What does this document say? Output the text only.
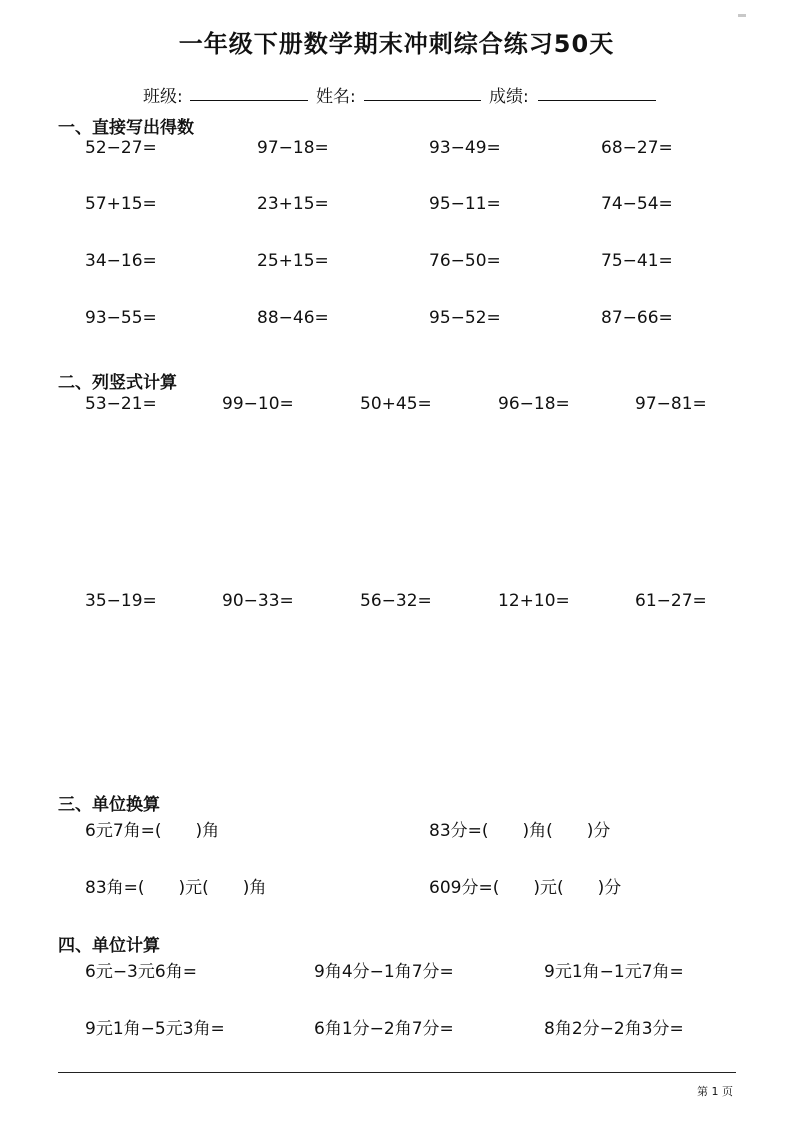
一年级下册数学期末冲刺综合练习50天
班级:	姓名:	成绩:
一、直接写出得数
52−27=	97−18=	93−49=	68−27=
57+15=	23+15=	95−11=	74−54=
34−16=	25+15=	76−50=	75−41=
93−55=	88−46=	95−52=	87−66=
二、列竖式计算
53−21=	99−10=	50+45=	96−18=	97−81=
35−19=	90−33=	56−32=	12+10=	61−27=
三、单位换算
6元7角=(　　)角	83分=(　　)角(　　)分
83角=(　　)元(　　)角	609分=(　　)元(　　)分
四、单位计算
6元−3元6角=	9角4分−1角7分=	9元1角−1元7角=
9元1角−5元3角=	6角1分−2角7分=	8角2分−2角3分=
第 1 页
